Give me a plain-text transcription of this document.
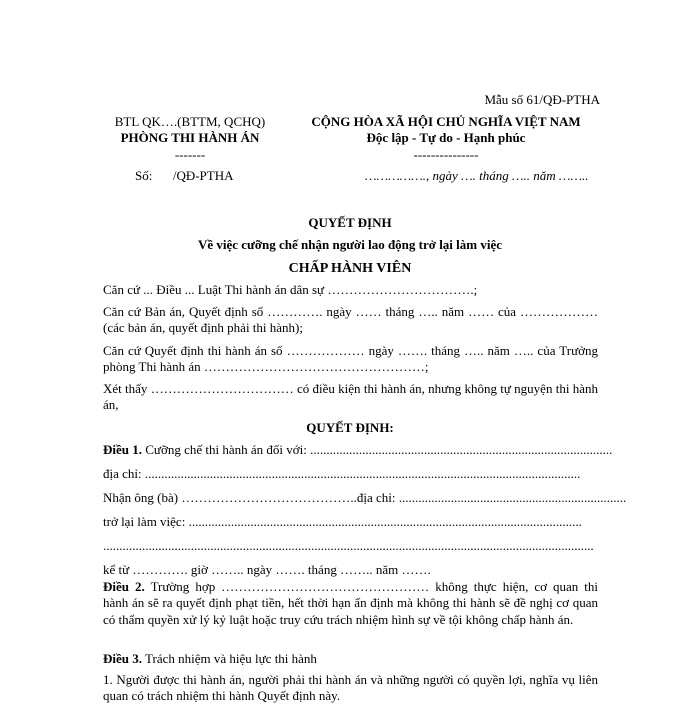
Mẫu số 61/QĐ-PTHA
BTL QK….(BTTM, QCHQ)
PHÒNG THI HÀNH ÁN
-------
Số: /QĐ-PTHA
CỘNG HÒA XÃ HỘI CHỦ NGHĨA VIỆT NAM
Độc lập - Tự do - Hạnh phúc
---------------
……………., ngày …. tháng ….. năm ……..
QUYẾT ĐỊNH
Về việc cưỡng chế nhận người lao động trở lại làm việc
CHẤP HÀNH VIÊN
Căn cứ ... Điều ... Luật Thi hành án dân sự …………………………….;
Căn cứ Bản án, Quyết định số …………. ngày …… tháng ….. năm …… của ……………… (các bản án, quyết định phải thi hành);
Căn cứ Quyết định thi hành án số ……………… ngày ……. tháng ….. năm ….. của Trưởng phòng Thi hành án ……………………………………………;
Xét thấy …………………………… có điều kiện thi hành án, nhưng không tự nguyện thi hành án,
QUYẾT ĐỊNH:
Điều 1. Cưỡng chế thi hành án đối với: .............................................................................................
địa chỉ: ......................................................................................................................................
Nhận ông (bà) …………………………………..địa chỉ: ......................................................................
trở lại làm việc: .........................................................................................................................
.......................................................................................................................................................
kể từ …………. giờ …….. ngày ……. tháng …….. năm …….
Điều 2. Trường hợp ………………………………………… không thực hiện, cơ quan thi hành án sẽ ra quyết định phạt tiền, hết thời hạn ấn định mà không thi hành sẽ đề nghị cơ quan có thẩm quyền xử lý kỷ luật hoặc truy cứu trách nhiệm hình sự về tội không chấp hành án.
Điều 3. Trách nhiệm và hiệu lực thi hành
1. Người được thi hành án, người phải thi hành án và những người có quyền lợi, nghĩa vụ liên quan có trách nhiệm thi hành Quyết định này.
